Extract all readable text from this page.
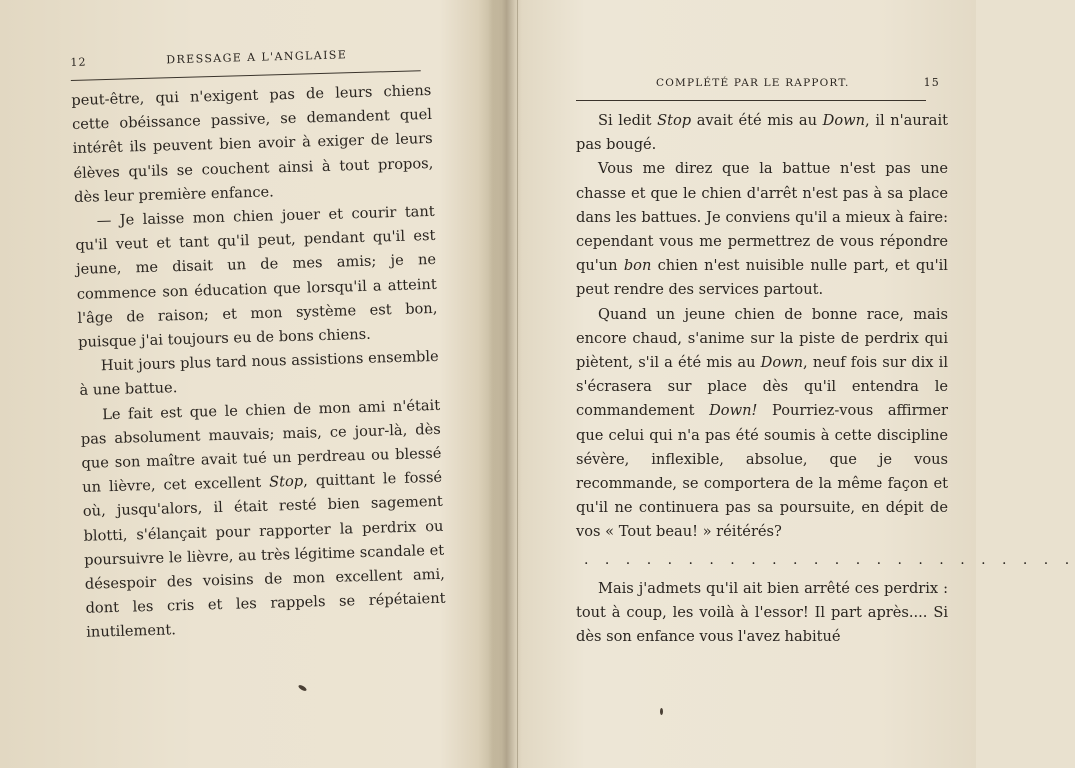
12	DRESSAGE A L'ANGLAISE

peut-être, qui n'exigent pas de leurs chiens cette obéissance passive, se demandent quel intérêt ils peuvent bien avoir à exiger de leurs élèves qu'ils se couchent ainsi à tout propos, dès leur première enfance.

— Je laisse mon chien jouer et courir tant qu'il veut et tant qu'il peut, pendant qu'il est jeune, me disait un de mes amis; je ne commence son éducation que lorsqu'il a atteint l'âge de raison; et mon système est bon, puisque j'ai toujours eu de bons chiens.

Huit jours plus tard nous assistions ensemble à une battue.

Le fait est que le chien de mon ami n'était pas absolument mauvais; mais, ce jour-là, dès que son maître avait tué un perdreau ou blessé un lièvre, cet excellent Stop, quittant le fossé où, jusqu'alors, il était resté bien sagement blotti, s'élançait pour rapporter la perdrix ou poursuivre le lièvre, au très légitime scandale et désespoir des voisins de mon excellent ami, dont les cris et les rappels se répétaient inutilement.

COMPLÉTÉ PAR LE RAPPORT.	15

Si ledit Stop avait été mis au Down, il n'aurait pas bougé.

Vous me direz que la battue n'est pas une chasse et que le chien d'arrêt n'est pas à sa place dans les battues. Je conviens qu'il a mieux à faire: cependant vous me permettrez de vous répondre qu'un bon chien n'est nuisible nulle part, et qu'il peut rendre des services partout.

Quand un jeune chien de bonne race, mais encore chaud, s'anime sur la piste de perdrix qui piètent, s'il a été mis au Down, neuf fois sur dix il s'écrasera sur place dès qu'il entendra le commandement Down! Pourriez-vous affirmer que celui qui n'a pas été soumis à cette discipline sévère, inflexible, absolue, que je vous recommande, se comportera de la même façon et qu'il ne continuera pas sa poursuite, en dépit de vos « Tout beau! » réitérés?

. . . . . . . . . . . . . . . . . . . . . . . .

Mais j'admets qu'il ait bien arrêté ces perdrix : tout à coup, les voilà à l'essor! Il part après.... Si dès son enfance vous l'avez habitué
